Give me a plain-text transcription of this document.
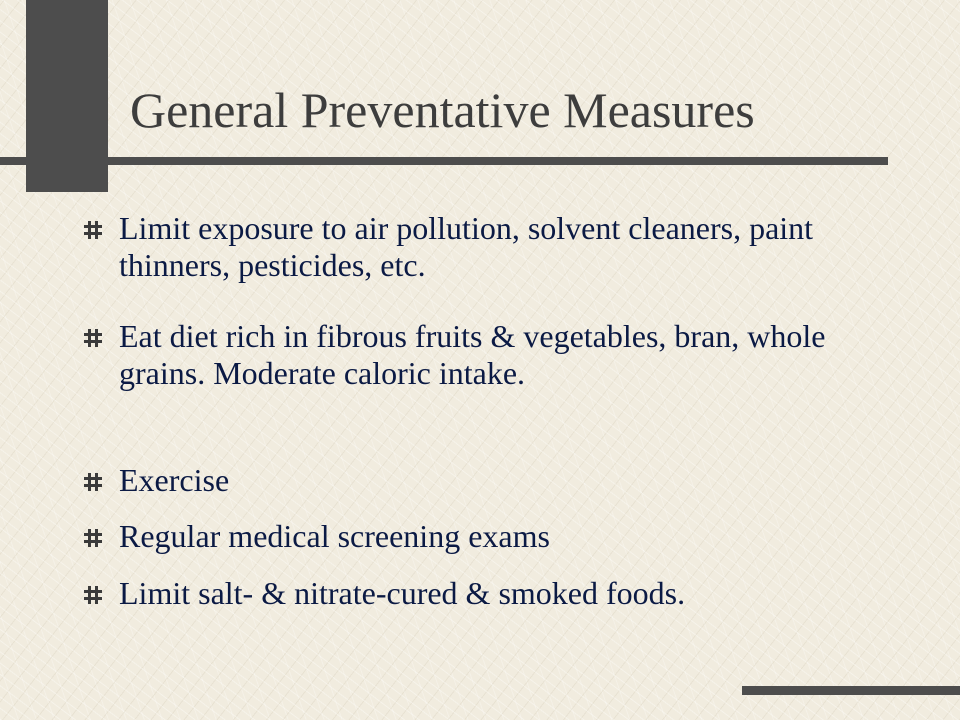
General Preventative Measures
Limit exposure to air pollution, solvent cleaners, paint thinners, pesticides, etc.
Eat diet rich in fibrous fruits & vegetables, bran, whole grains. Moderate caloric intake.
Exercise
Regular medical screening exams
Limit salt- & nitrate-cured & smoked foods.
